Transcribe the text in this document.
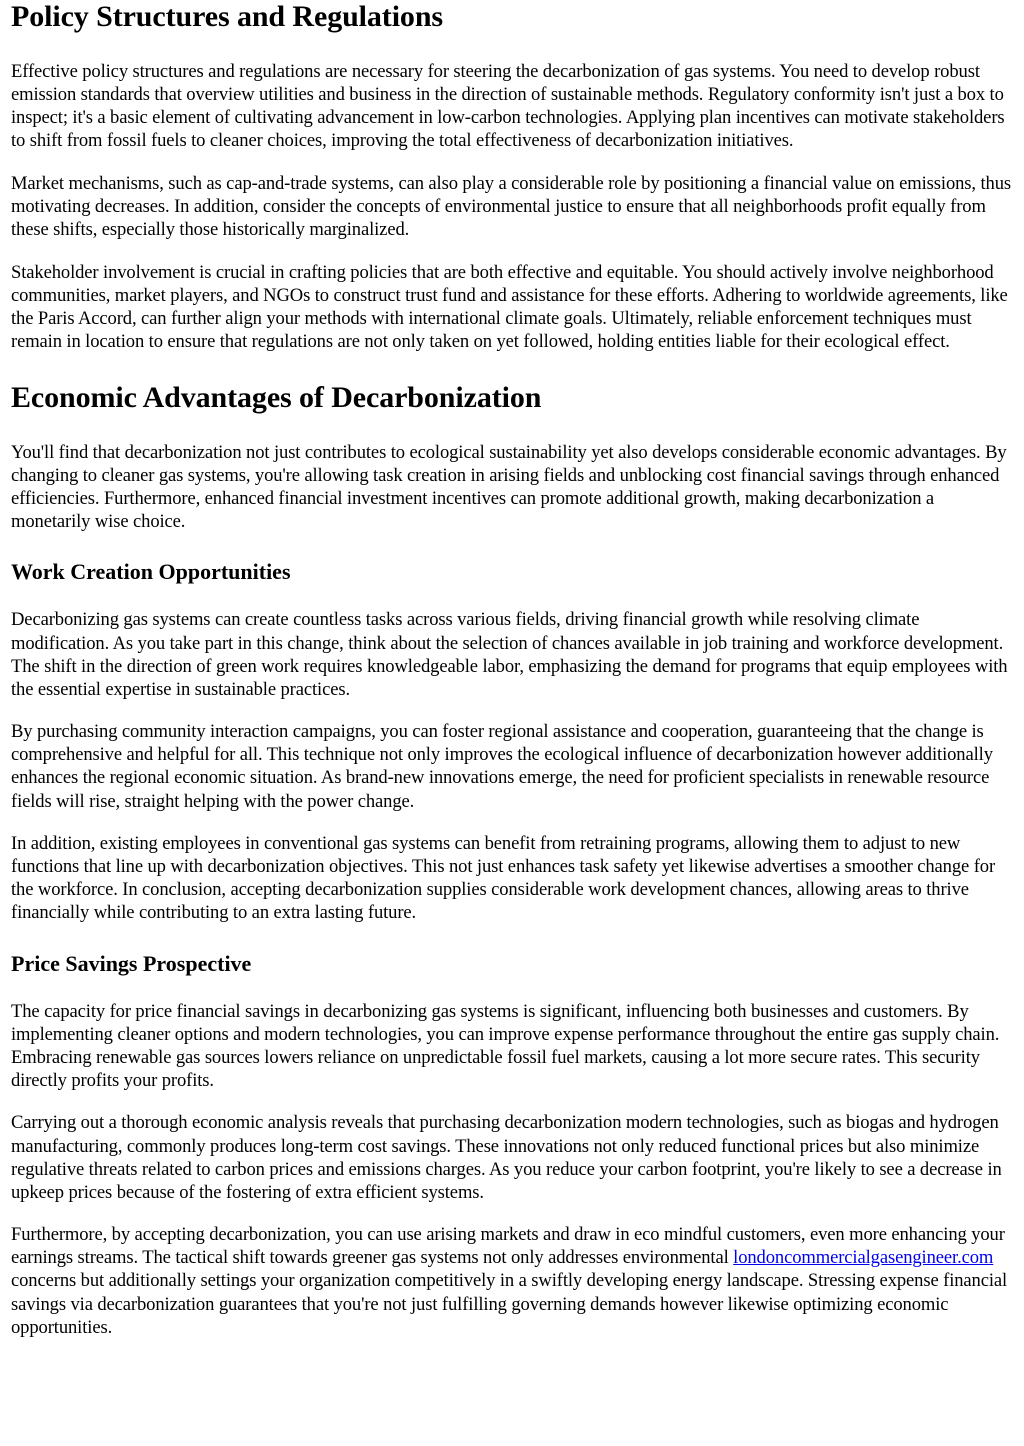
Policy Structures and Regulations

Effective policy structures and regulations are necessary for steering the decarbonization of gas systems. You need to develop robust emission standards that overview utilities and business in the direction of sustainable methods. Regulatory conformity isn't just a box to inspect; it's a basic element of cultivating advancement in low-carbon technologies. Applying plan incentives can motivate stakeholders to shift from fossil fuels to cleaner choices, improving the total effectiveness of decarbonization initiatives.

Market mechanisms, such as cap-and-trade systems, can also play a considerable role by positioning a financial value on emissions, thus motivating decreases. In addition, consider the concepts of environmental justice to ensure that all neighborhoods profit equally from these shifts, especially those historically marginalized.

Stakeholder involvement is crucial in crafting policies that are both effective and equitable. You should actively involve neighborhood communities, market players, and NGOs to construct trust fund and assistance for these efforts. Adhering to worldwide agreements, like the Paris Accord, can further align your methods with international climate goals. Ultimately, reliable enforcement techniques must remain in location to ensure that regulations are not only taken on yet followed, holding entities liable for their ecological effect.

Economic Advantages of Decarbonization

You'll find that decarbonization not just contributes to ecological sustainability yet also develops considerable economic advantages. By changing to cleaner gas systems, you're allowing task creation in arising fields and unblocking cost financial savings through enhanced efficiencies. Furthermore, enhanced financial investment incentives can promote additional growth, making decarbonization a monetarily wise choice.

Work Creation Opportunities

Decarbonizing gas systems can create countless tasks across various fields, driving financial growth while resolving climate modification. As you take part in this change, think about the selection of chances available in job training and workforce development. The shift in the direction of green work requires knowledgeable labor, emphasizing the demand for programs that equip employees with the essential expertise in sustainable practices.

By purchasing community interaction campaigns, you can foster regional assistance and cooperation, guaranteeing that the change is comprehensive and helpful for all. This technique not only improves the ecological influence of decarbonization however additionally enhances the regional economic situation. As brand-new innovations emerge, the need for proficient specialists in renewable resource fields will rise, straight helping with the power change.

In addition, existing employees in conventional gas systems can benefit from retraining programs, allowing them to adjust to new functions that line up with decarbonization objectives. This not just enhances task safety yet likewise advertises a smoother change for the workforce. In conclusion, accepting decarbonization supplies considerable work development chances, allowing areas to thrive financially while contributing to an extra lasting future.

Price Savings Prospective

The capacity for price financial savings in decarbonizing gas systems is significant, influencing both businesses and customers. By implementing cleaner options and modern technologies, you can improve expense performance throughout the entire gas supply chain. Embracing renewable gas sources lowers reliance on unpredictable fossil fuel markets, causing a lot more secure rates. This security directly profits your profits.

Carrying out a thorough economic analysis reveals that purchasing decarbonization modern technologies, such as biogas and hydrogen manufacturing, commonly produces long-term cost savings. These innovations not only reduced functional prices but also minimize regulative threats related to carbon prices and emissions charges. As you reduce your carbon footprint, you're likely to see a decrease in upkeep prices because of the fostering of extra efficient systems.

Furthermore, by accepting decarbonization, you can use arising markets and draw in eco mindful customers, even more enhancing your earnings streams. The tactical shift towards greener gas systems not only addresses environmental londoncommercialgasengineer.com concerns but additionally settings your organization competitively in a swiftly developing energy landscape. Stressing expense financial savings via decarbonization guarantees that you're not just fulfilling governing demands however likewise optimizing economic opportunities.
